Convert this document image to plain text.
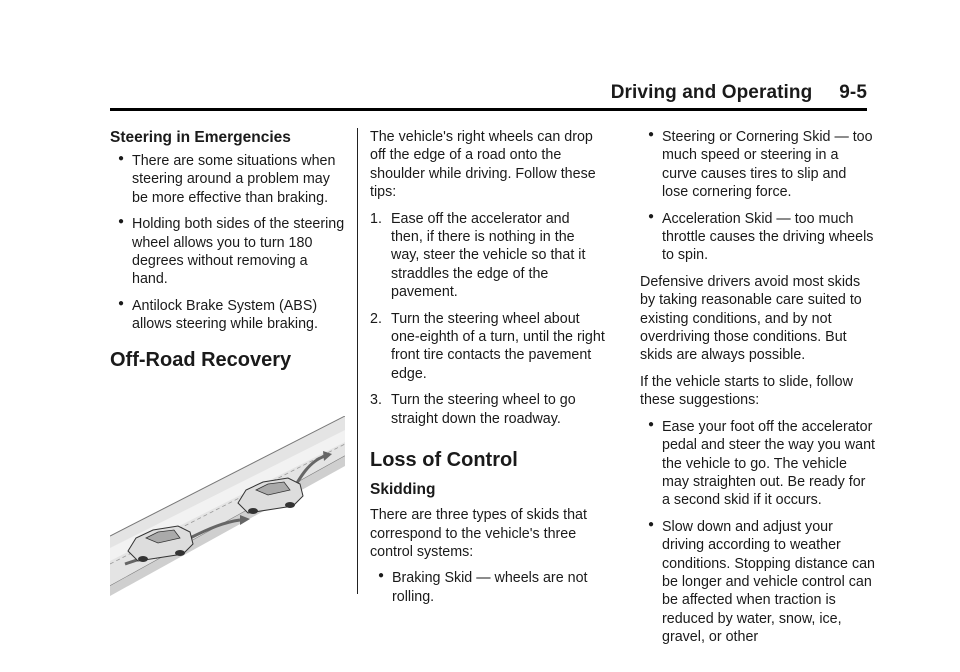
Driving and Operating     9-5
Steering in Emergencies
● There are some situations when steering around a problem may be more effective than braking.
● Holding both sides of the steering wheel allows you to turn 180 degrees without removing a hand.
● Antilock Brake System (ABS) allows steering while braking.
Off-Road Recovery

The vehicle's right wheels can drop off the edge of a road onto the shoulder while driving. Follow these tips:

1. Ease off the accelerator and then, if there is nothing in the way, steer the vehicle so that it straddles the edge of the pavement.
2. Turn the steering wheel about one-eighth of a turn, until the right front tire contacts the pavement edge.
3. Turn the steering wheel to go straight down the roadway.
Loss of Control
Skidding

There are three types of skids that correspond to the vehicle's three control systems:

● Braking Skid — wheels are not rolling.
● Steering or Cornering Skid — too much speed or steering in a curve causes tires to slip and lose cornering force.
● Acceleration Skid — too much throttle causes the driving wheels to spin.

Defensive drivers avoid most skids by taking reasonable care suited to existing conditions, and by not overdriving those conditions. But skids are always possible.

If the vehicle starts to slide, follow these suggestions:

● Ease your foot off the accelerator pedal and steer the way you want the vehicle to go. The vehicle may straighten out. Be ready for a second skid if it occurs.
● Slow down and adjust your driving according to weather conditions. Stopping distance can be longer and vehicle control can be affected when traction is reduced by water, snow, ice, gravel, or other
